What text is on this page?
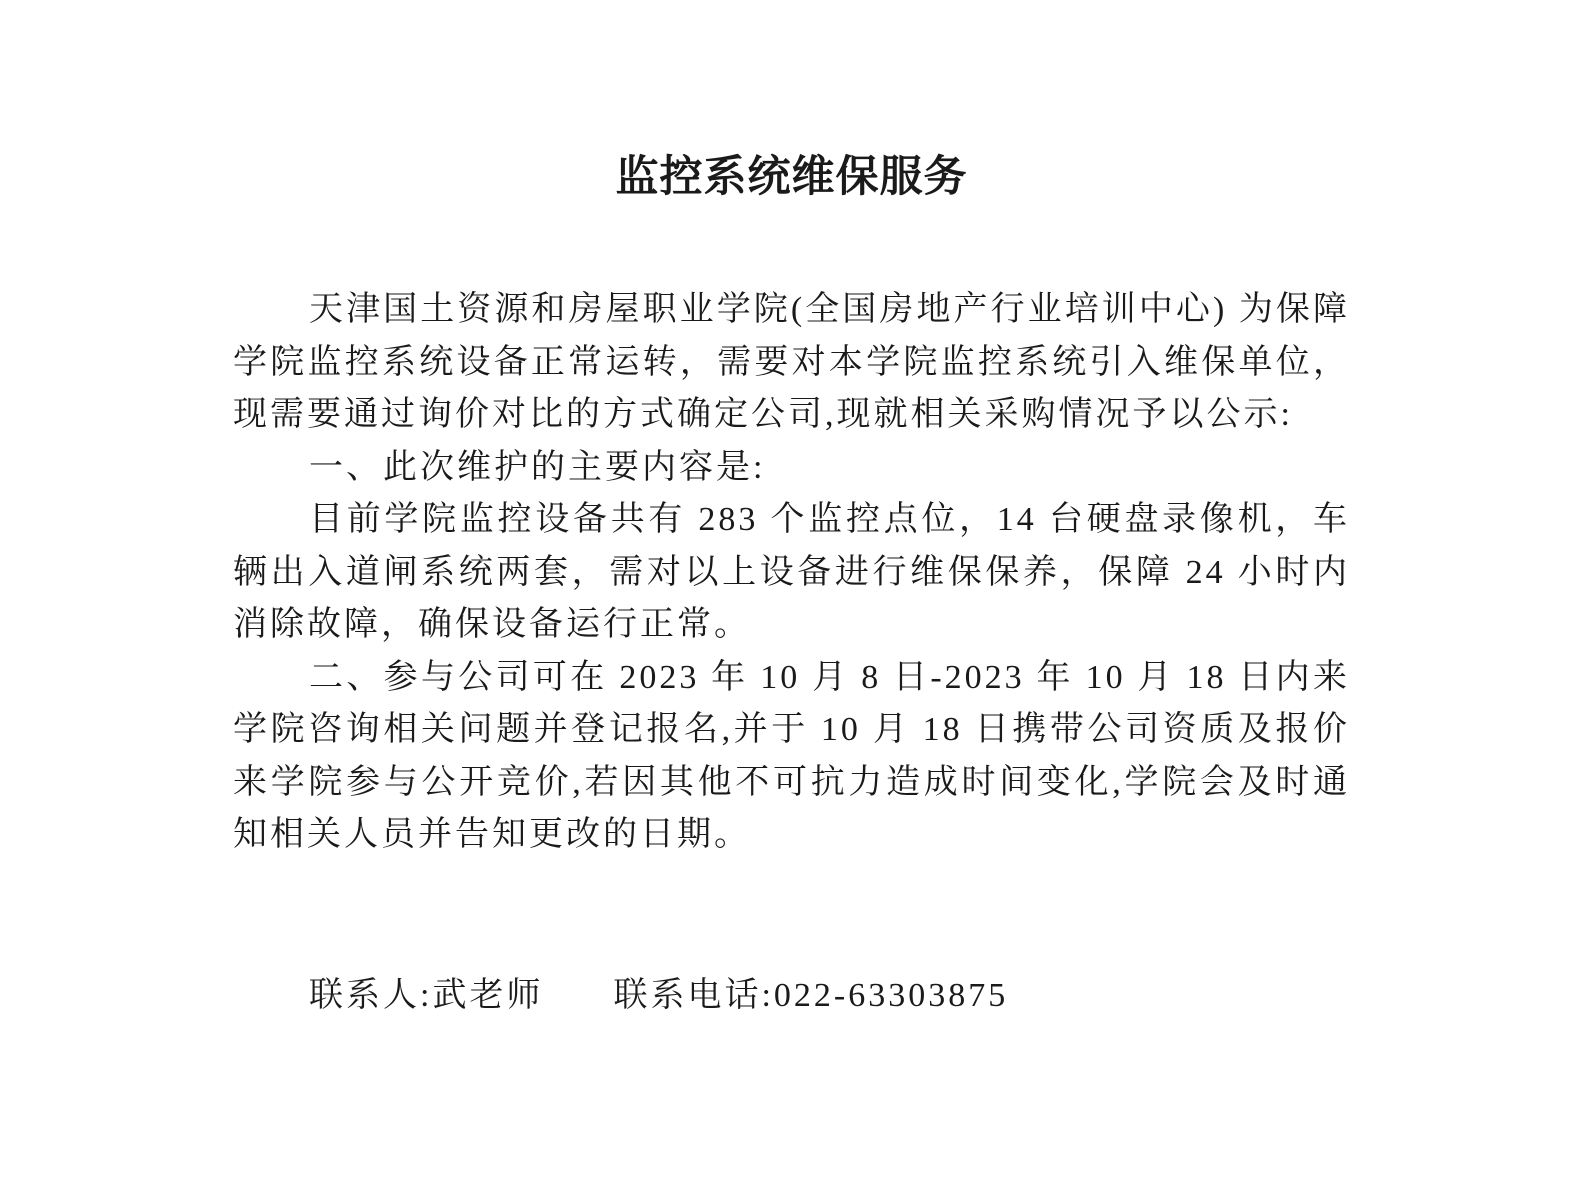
监控系统维保服务

天津国土资源和房屋职业学院(全国房地产行业培训中心) 为保障学院监控系统设备正常运转，需要对本学院监控系统引入维保单位，现需要通过询价对比的方式确定公司,现就相关采购情况予以公示:

一、此次维护的主要内容是:

目前学院监控设备共有 283 个监控点位，14 台硬盘录像机，车辆出入道闸系统两套，需对以上设备进行维保保养，保障 24 小时内消除故障，确保设备运行正常。

二、参与公司可在 2023 年 10 月 8 日-2023 年 10 月 18 日内来学院咨询相关问题并登记报名,并于 10 月 18 日携带公司资质及报价来学院参与公开竞价,若因其他不可抗力造成时间变化,学院会及时通知相关人员并告知更改的日期。

联系人:武老师 联系电话:022-63303875
